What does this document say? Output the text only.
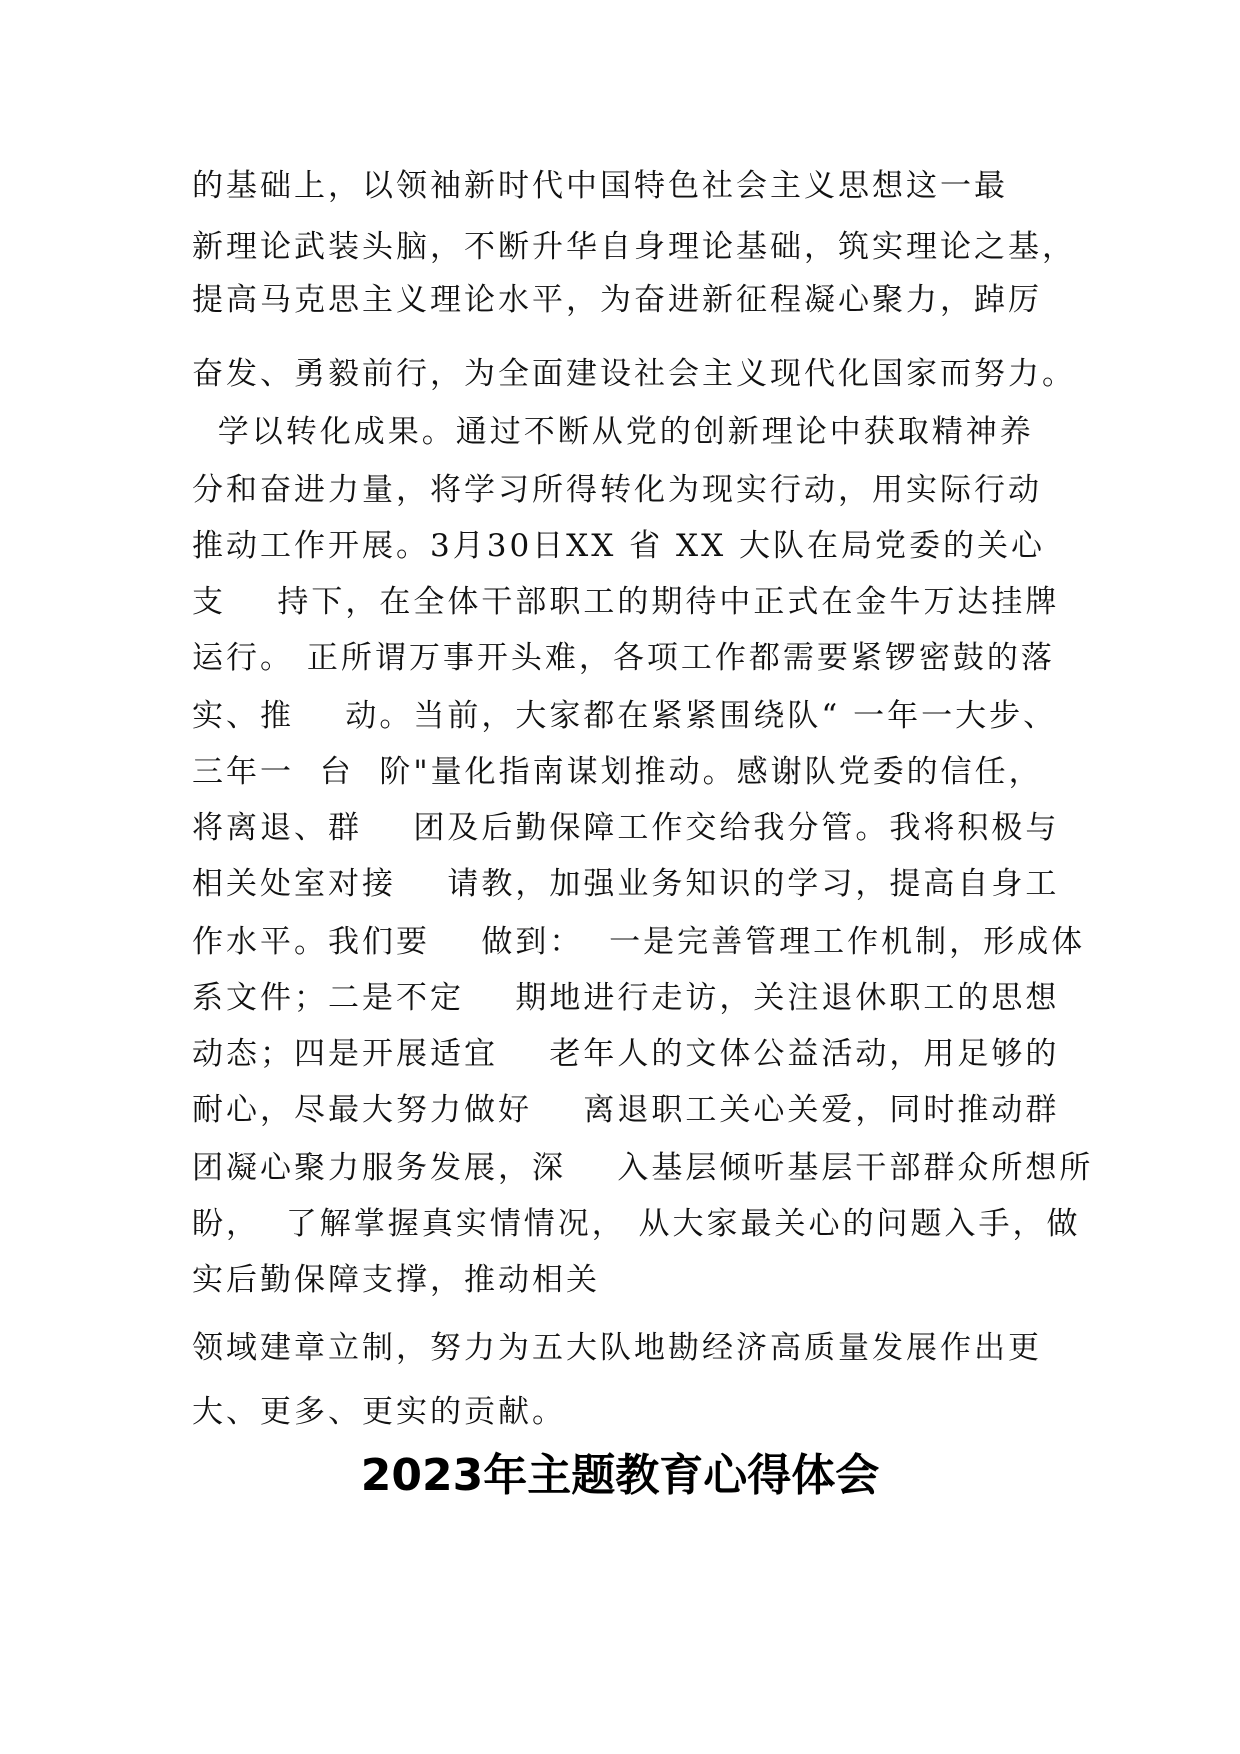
的基础上，以领袖新时代中国特色社会主义思想这一最
新理论武装头脑，不断升华自身理论基础，筑实理论之基，
提高马克思主义理论水平，为奋进新征程凝心聚力，踔厉
奋发、勇毅前行，为全面建设社会主义现代化国家而努力。
学以转化成果。通过不断从党的创新理论中获取精神养
分和奋进力量，将学习所得转化为现实行动，用实际行动
推动工作开展。3月30日XX 省 XX 大队在局党委的关心
支    持下，在全体干部职工的期待中正式在金牛万达挂牌
运行。 正所谓万事开头难，各项工作都需要紧锣密鼓的落
实、推    动。当前，大家都在紧紧围绕队“ 一年一大步、
三年一  台  阶"量化指南谋划推动。感谢队党委的信任，
将离退、群    团及后勤保障工作交给我分管。我将积极与
相关处室对接    请教，加强业务知识的学习，提高自身工
作水平。我们要    做到：  一是完善管理工作机制，形成体
系文件；二是不定    期地进行走访，关注退休职工的思想
动态；四是开展适宜    老年人的文体公益活动，用足够的
耐心，尽最大努力做好    离退职工关心关爱，同时推动群
团凝心聚力服务发展，深    入基层倾听基层干部群众所想所
盼，  了解掌握真实情情况， 从大家最关心的问题入手，做
实后勤保障支撑，推动相关
领域建章立制，努力为五大队地勘经济高质量发展作出更
大、更多、更实的贡献。
2023年主题教育心得体会
